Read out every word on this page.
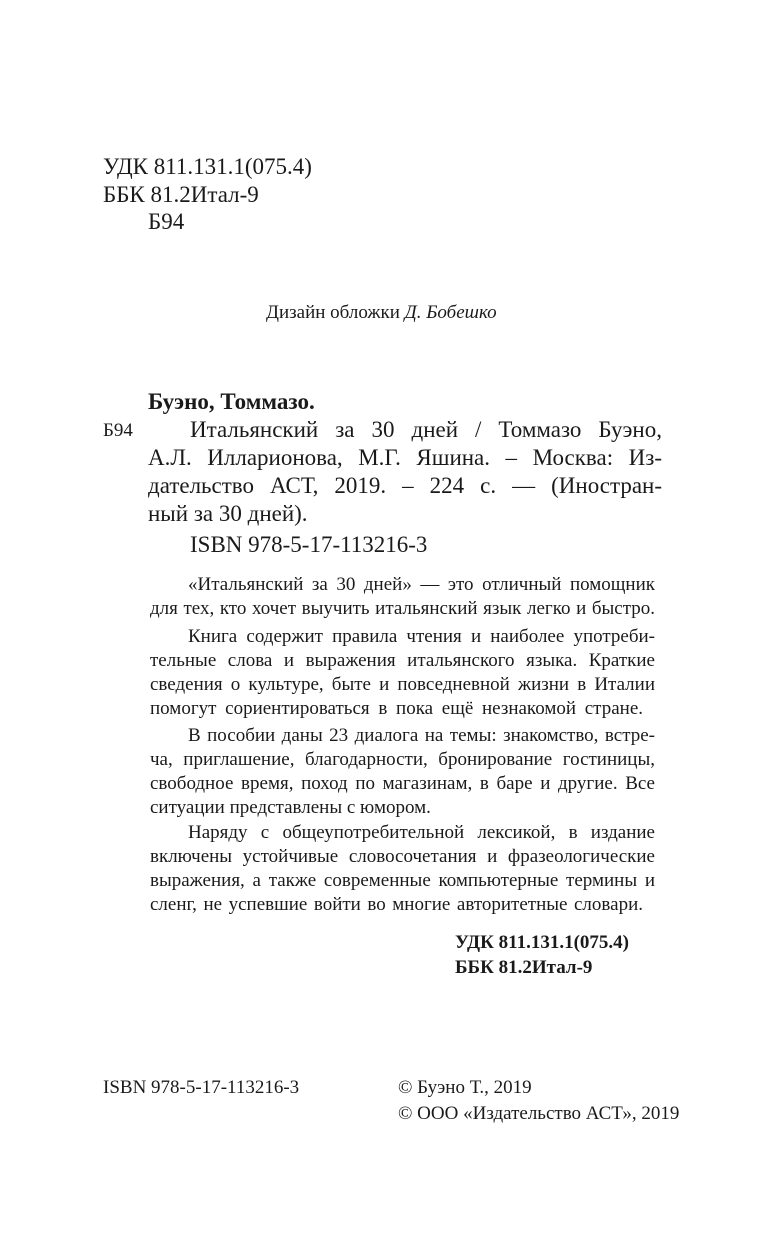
УДК 811.131.1(075.4)
ББК 81.2Итал-9
Б94
Дизайн обложки Д. Бобешко
Буэно, Томмазо.
Б94 Итальянский за 30 дней / Томмазо Буэно,
А.Л. Илларионова, М.Г. Яшина. – Москва: Из-
дательство АСТ, 2019. – 224 с. — (Иностран-
ный за 30 дней).
ISBN 978-5-17-113216-3
«Итальянский за 30 дней» — это отличный помощник
для тех, кто хочет выучить итальянский язык легко и быстро.
Книга содержит правила чтения и наиболее употреби-
тельные слова и выражения итальянского языка. Краткие
сведения о культуре, быте и повседневной жизни в Италии
помогут сориентироваться в пока ещё незнакомой стране.
В пособии даны 23 диалога на темы: знакомство, встре-
ча, приглашение, благодарности, бронирование гостиницы,
свободное время, поход по магазинам, в баре и другие. Все
ситуации представлены с юмором.
Наряду с общеупотребительной лексикой, в издание
включены устойчивые словосочетания и фразеологические
выражения, а также современные компьютерные термины и
сленг, не успевшие войти во многие авторитетные словари.
УДК 811.131.1(075.4)
ББК 81.2Итал-9
ISBN 978-5-17-113216-3	© Буэно Т., 2019
© ООО «Издательство АСТ», 2019
